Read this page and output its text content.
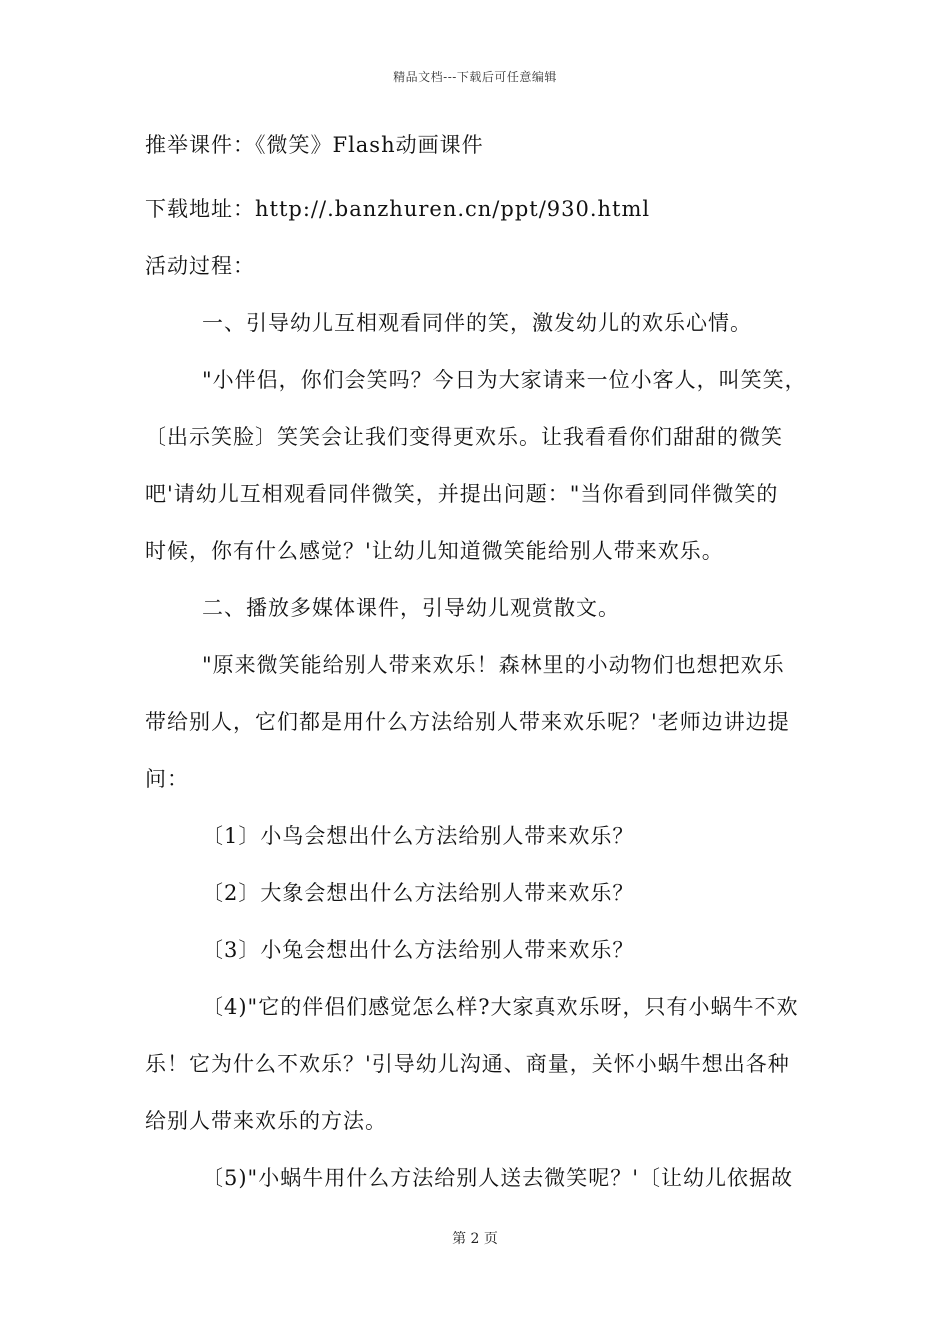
精品文档---下载后可任意编辑
推举课件：《微笑》Flash动画课件
下载地址：http://.banzhuren.cn/ppt/930.html
活动过程：
一、引导幼儿互相观看同伴的笑，激发幼儿的欢乐心情。
"小伴侣，你们会笑吗？今日为大家请来一位小客人，叫笑笑，
〔出示笑脸〕笑笑会让我们变得更欢乐。让我看看你们甜甜的微笑
吧'请幼儿互相观看同伴微笑，并提出问题："当你看到同伴微笑的
时候，你有什么感觉？'让幼儿知道微笑能给别人带来欢乐。
二、播放多媒体课件，引导幼儿观赏散文。
"原来微笑能给别人带来欢乐！森林里的小动物们也想把欢乐
带给别人，它们都是用什么方法给别人带来欢乐呢？'老师边讲边提
问：
〔1〕小鸟会想出什么方法给别人带来欢乐？
〔2〕大象会想出什么方法给别人带来欢乐？
〔3〕小兔会想出什么方法给别人带来欢乐？
〔4)"它的伴侣们感觉怎么样?大家真欢乐呀，只有小蜗牛不欢
乐！它为什么不欢乐？'引导幼儿沟通、商量，关怀小蜗牛想出各种
给别人带来欢乐的方法。
〔5)"小蜗牛用什么方法给别人送去微笑呢？'〔让幼儿依据故
第 2 页
